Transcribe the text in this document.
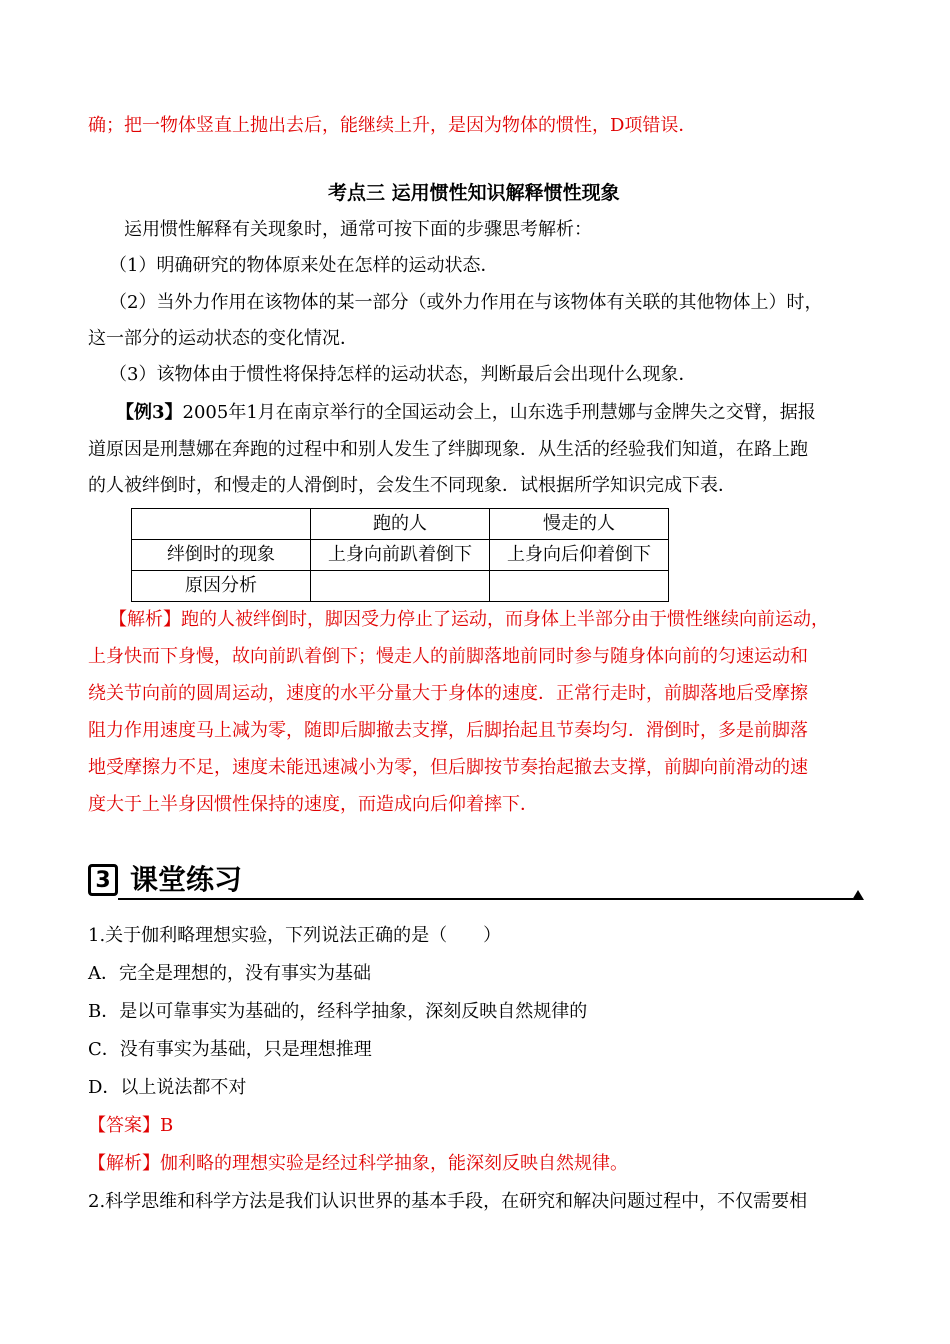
确；把一物体竖直上抛出去后，能继续上升，是因为物体的惯性，D项错误．
考点三 运用惯性知识解释惯性现象
运用惯性解释有关现象时，通常可按下面的步骤思考解析：
（1）明确研究的物体原来处在怎样的运动状态．
（2）当外力作用在该物体的某一部分（或外力作用在与该物体有关联的其他物体上）时，
这一部分的运动状态的变化情况．
（3）该物体由于惯性将保持怎样的运动状态，判断最后会出现什么现象．
【例3】2005年1月在南京举行的全国运动会上，山东选手刑慧娜与金牌失之交臂，据报
道原因是刑慧娜在奔跑的过程中和别人发生了绊脚现象．从生活的经验我们知道，在路上跑
的人被绊倒时，和慢走的人滑倒时，会发生不同现象．试根据所学知识完成下表．
	跑的人	慢走的人
绊倒时的现象	上身向前趴着倒下	上身向后仰着倒下
原因分析		
【解析】跑的人被绊倒时，脚因受力停止了运动，而身体上半部分由于惯性继续向前运动，
上身快而下身慢，故向前趴着倒下；慢走人的前脚落地前同时参与随身体向前的匀速运动和
绕关节向前的圆周运动，速度的水平分量大于身体的速度．正常行走时，前脚落地后受摩擦
阻力作用速度马上减为零，随即后脚撤去支撑，后脚抬起且节奏均匀．滑倒时，多是前脚落
地受摩擦力不足，速度未能迅速减小为零，但后脚按节奏抬起撤去支撑，前脚向前滑动的速
度大于上半身因惯性保持的速度，而造成向后仰着摔下．
3 课堂练习
1.关于伽利略理想实验，下列说法正确的是（　　）
A．完全是理想的，没有事实为基础
B．是以可靠事实为基础的，经科学抽象，深刻反映自然规律的
C．没有事实为基础，只是理想推理
D．以上说法都不对
【答案】B
【解析】伽利略的理想实验是经过科学抽象，能深刻反映自然规律。
2.科学思维和科学方法是我们认识世界的基本手段，在研究和解决问题过程中，不仅需要相
